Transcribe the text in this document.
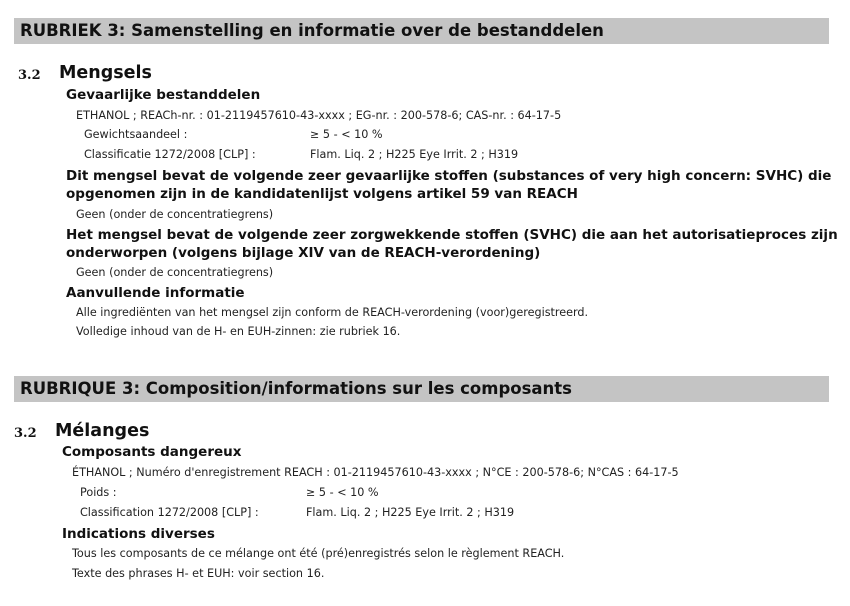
RUBRIEK 3: Samenstelling en informatie over de bestanddelen
3.2 Mengsels
Gevaarlijke bestanddelen
ETHANOL ; REACh-nr. : 01-2119457610-43-xxxx ; EG-nr. : 200-578-6; CAS-nr. : 64-17-5
Gewichtsaandeel :	≥ 5 - < 10 %
Classificatie 1272/2008 [CLP] :	Flam. Liq. 2 ; H225 Eye Irrit. 2 ; H319
Dit mengsel bevat de volgende zeer gevaarlijke stoffen (substances of very high concern: SVHC) die
opgenomen zijn in de kandidatenlijst volgens artikel 59 van REACH
Geen (onder de concentratiegrens)
Het mengsel bevat de volgende zeer zorgwekkende stoffen (SVHC) die aan het autorisatieproces zijn
onderworpen (volgens bijlage XIV van de REACH-verordening)
Geen (onder de concentratiegrens)
Aanvullende informatie
Alle ingrediënten van het mengsel zijn conform de REACH-verordening (voor)geregistreerd.
Volledige inhoud van de H- en EUH-zinnen: zie rubriek 16.
RUBRIQUE 3: Composition/informations sur les composants
3.2 Mélanges
Composants dangereux
ÉTHANOL ; Numéro d'enregistrement REACH : 01-2119457610-43-xxxx ; N°CE : 200-578-6; N°CAS : 64-17-5
Poids :	≥ 5 - < 10 %
Classification 1272/2008 [CLP] :	Flam. Liq. 2 ; H225 Eye Irrit. 2 ; H319
Indications diverses
Tous les composants de ce mélange ont été (pré)enregistrés selon le règlement REACH.
Texte des phrases H- et EUH: voir section 16.
